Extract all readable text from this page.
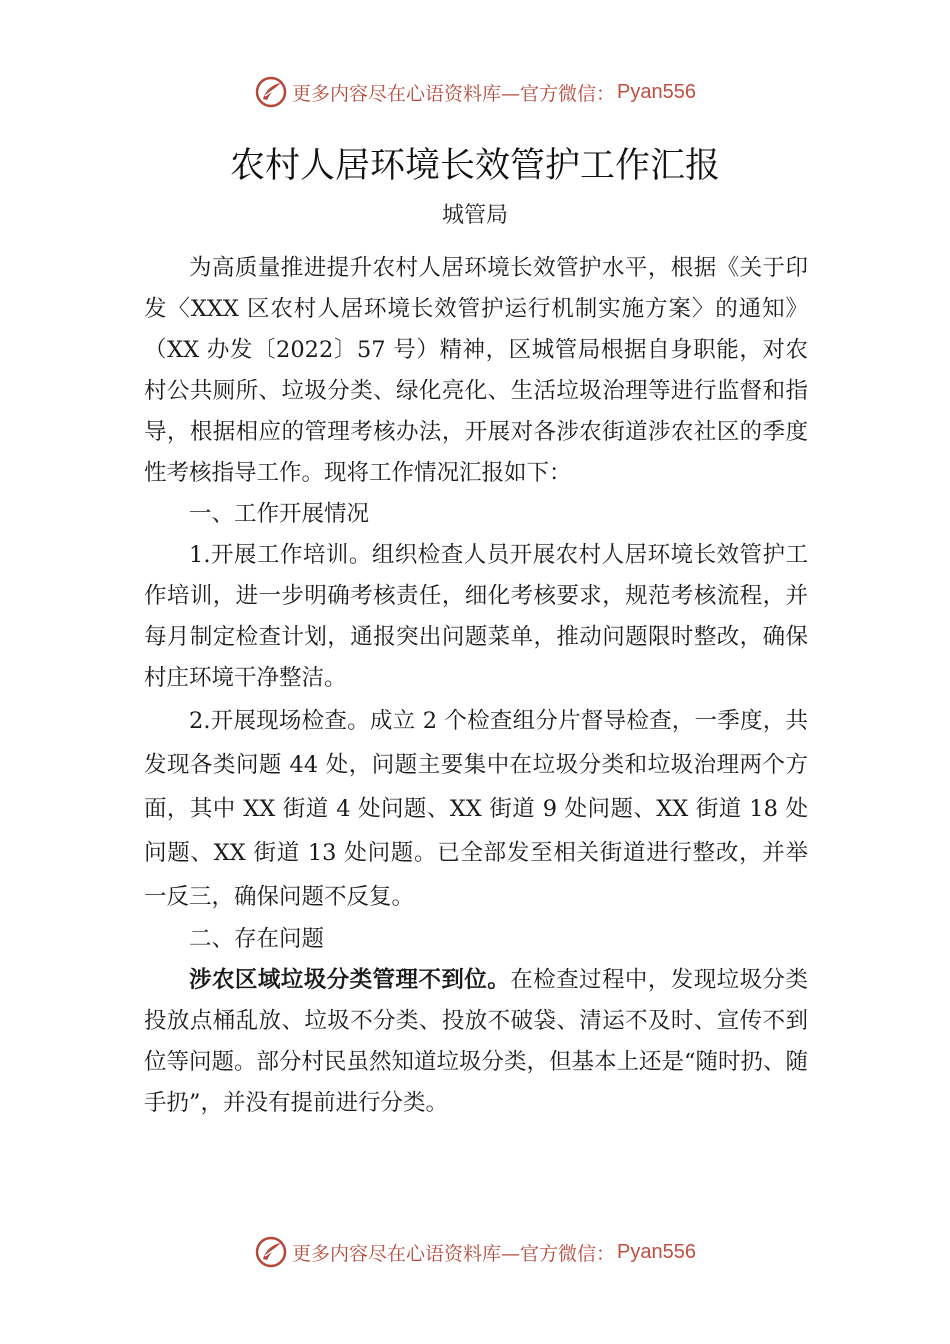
更多内容尽在心语资料库—官方微信： Pyan556
农村人居环境长效管护工作汇报
城管局

为高质量推进提升农村人居环境长效管护水平，根据《关于印发〈XXX 区农村人居环境长效管护运行机制实施方案〉的通知》（XX 办发〔2022〕57 号）精神，区城管局根据自身职能，对农村公共厕所、垃圾分类、绿化亮化、生活垃圾治理等进行监督和指导，根据相应的管理考核办法，开展对各涉农街道涉农社区的季度性考核指导工作。现将工作情况汇报如下：

一、工作开展情况

1.开展工作培训。组织检查人员开展农村人居环境长效管护工作培训，进一步明确考核责任，细化考核要求，规范考核流程，并每月制定检查计划，通报突出问题菜单，推动问题限时整改，确保村庄环境干净整洁。

2.开展现场检查。成立 2 个检查组分片督导检查，一季度，共发现各类问题 44 处，问题主要集中在垃圾分类和垃圾治理两个方面，其中 XX 街道 4 处问题、XX 街道 9 处问题、XX 街道 18 处问题、XX 街道 13 处问题。已全部发至相关街道进行整改，并举一反三，确保问题不反复。

二、存在问题

涉农区域垃圾分类管理不到位。在检查过程中，发现垃圾分类投放点桶乱放、垃圾不分类、投放不破袋、清运不及时、宣传不到位等问题。部分村民虽然知道垃圾分类，但基本上还是“随时扔、随手扔”，并没有提前进行分类。

更多内容尽在心语资料库—官方微信： Pyan556
